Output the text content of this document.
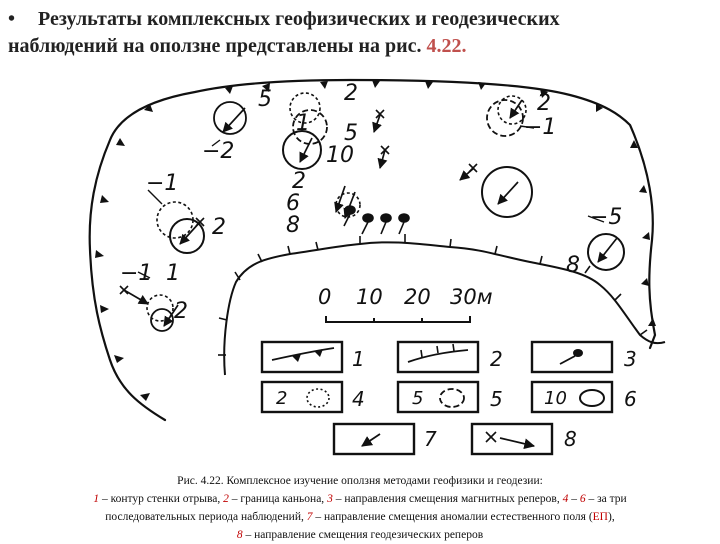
• Результаты комплексных геофизических и геодезических
наблюдений на оползне представлены на рис. 4.22.
5
−2
2
1 5
10
2
−1
−1	2
6
8
2	−5
8
−1 1
2
0 10 20 30м
1	2	3
2	4	5	5 10	6
7	8
Рис. 4.22. Комплексное изучение оползня методами геофизики и геодезии:
1 – контур стенки отрыва, 2 – граница каньона, 3 – направления смещения магнитных реперов, 4 – 6 – за три
последовательных периода наблюдений, 7 – направление смещения аномалии естественного поля (ЕП),
8 – направление смещения геодезических реперов
